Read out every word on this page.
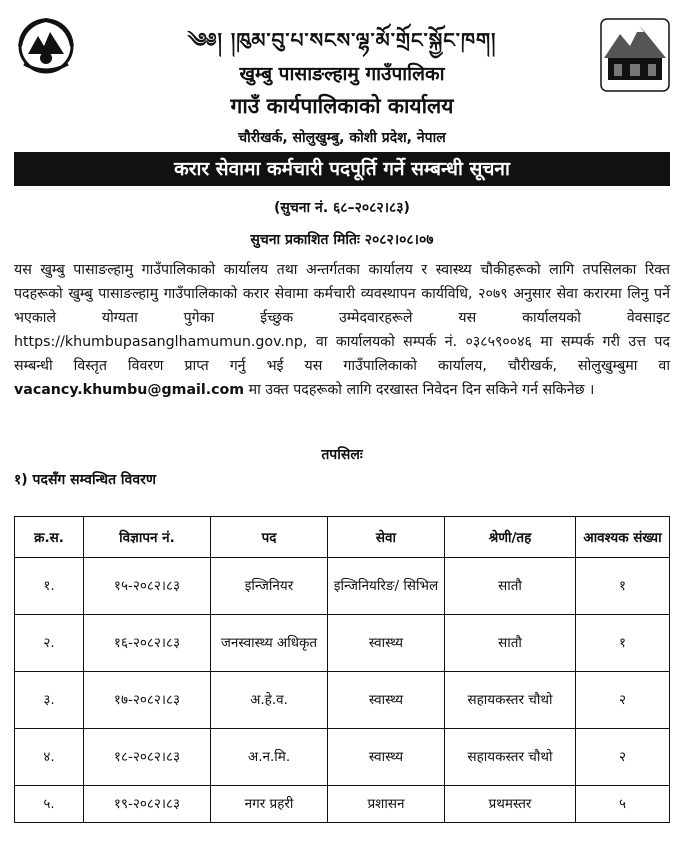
༄༅། །ཁུམ་བུ་པ་སངས་ལྷ་མོ་གྲོང་སྐྱོང་ཁག།
खुम्बु पासाङल्हामु गाउँपालिका
गाउँ कार्यपालिकाको कार्यालय
चौरीखर्क, सोलुखुम्बु, कोशी प्रदेश, नेपाल
करार सेवामा कर्मचारी पदपूर्ति गर्ने सम्बन्धी सूचना
(सुचना नं. ६८–२०८२।८३)
सुचना प्रकाशित मितिः २०८२।०८।०७
यस खुम्बु पासाङल्हामु गाउँपालिकाको कार्यालय तथा अन्तर्गतका कार्यालय र स्वास्थ्य चौकीहरूको लागि तपसिलका रिक्त पदहरूको खुम्बु पासाङल्हामु गाउँपालिकाको करार सेवामा कर्मचारी व्यवस्थापन कार्यविधि, २०७९ अनुसार सेवा करारमा लिनु पर्ने भएकाले योग्यता पुगेका ईच्छुक उम्मेदवारहरूले यस कार्यालयको वेवसाइट https://khumbupasanglhamumun.gov.np, वा कार्यालयको सम्पर्क नं. ०३८५९००४६ मा सम्पर्क गरी उत्त पद सम्बन्धी विस्तृत विवरण प्राप्त गर्नु भई यस गाउँपालिकाको कार्यालय, चौरीखर्क, सोलुखुम्बुमा वा vacancy.khumbu@gmail.com मा उक्त पदहरूको लागि दरखास्त निवेदन दिन सकिने गर्न सकिनेछ ।
तपसिलः
१) पदसँग सम्वन्धित विवरण
क्र.स.	विज्ञापन नं.	पद	सेवा	श्रेणी/तह	आवश्यक संख्या
१.	१५-२०८२।८३	इन्जिनियर	इन्जिनियरिङ/ सिभिल	सातौ	१
२.	१६-२०८२।८३	जनस्वास्थ्य अधिकृत	स्वास्थ्य	सातौ	१
३.	१७-२०८२।८३	अ.हे.व.	स्वास्थ्य	सहायकस्तर चौथो	२
४.	१८-२०८२।८३	अ.न.मि.	स्वास्थ्य	सहायकस्तर चौथो	२
५.	१९-२०८२।८३	नगर प्रहरी	प्रशासन	प्रथमस्तर	५
